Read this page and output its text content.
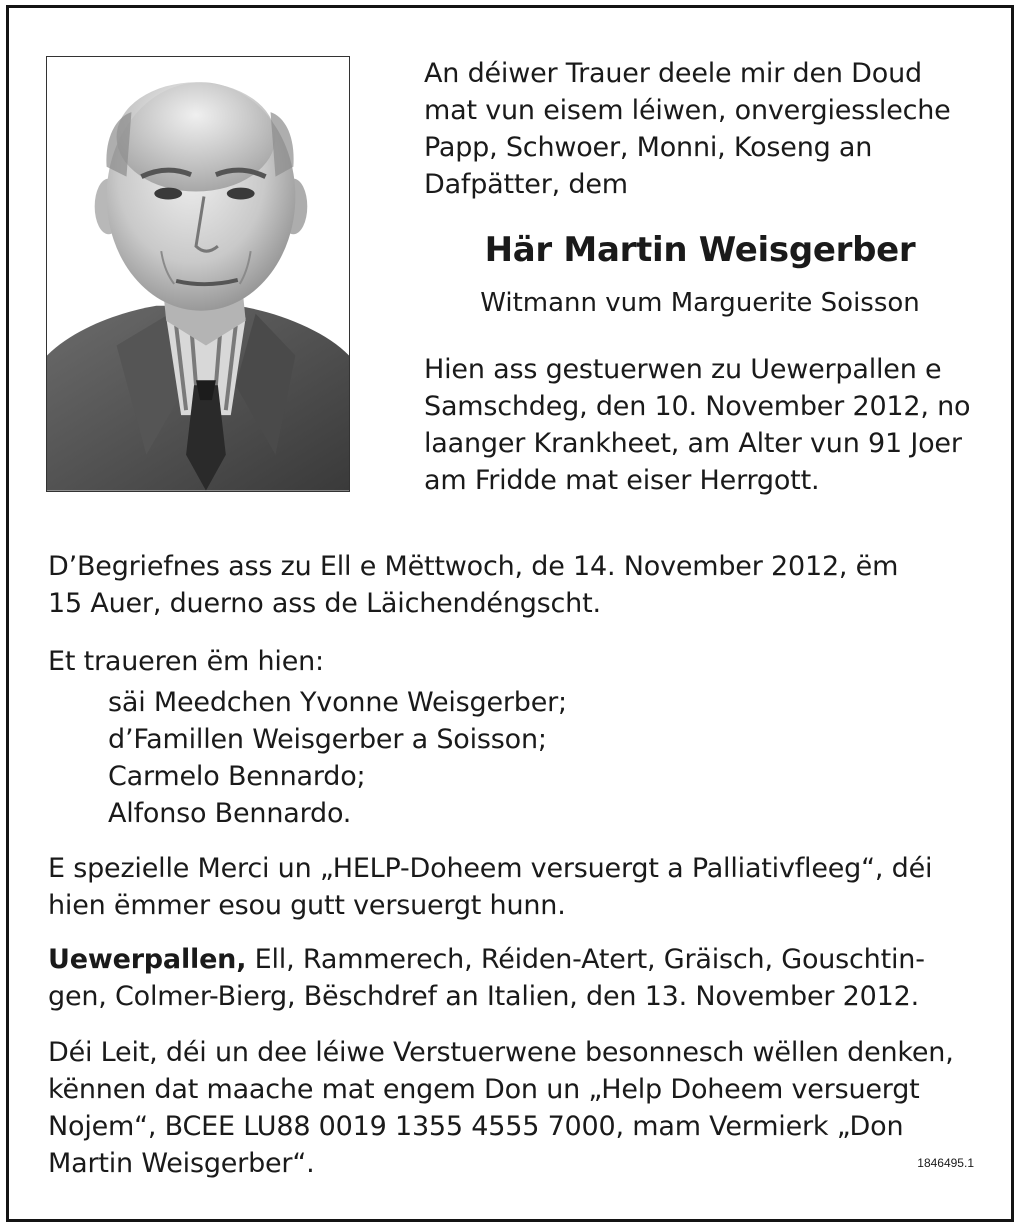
An déiwer Trauer deele mir den Doud
mat vun eisem léiwen, onvergiessleche
Papp, Schwoer, Monni, Koseng an
Dafpätter, dem
Här Martin Weisgerber
Witmann vum Marguerite Soisson
Hien ass gestuerwen zu Uewerpallen e
Samschdeg, den 10. November 2012, no
laanger Krankheet, am Alter vun 91 Joer
am Fridde mat eiser Herrgott.
D’Begriefnes ass zu Ell e Mëttwoch, de 14. November 2012, ëm
15 Auer, duerno ass de Läichendéngscht.
Et traueren ëm hien:
säi Meedchen Yvonne Weisgerber;
d’Famillen Weisgerber a Soisson;
Carmelo Bennardo;
Alfonso Bennardo.
E spezielle Merci un „HELP-Doheem versuergt a Palliativfleeg“, déi
hien ëmmer esou gutt versuergt hunn.
Uewerpallen, Ell, Rammerech, Réiden-Atert, Gräisch, Gouschtin-
gen, Colmer-Bierg, Bëschdref an Italien, den 13. November 2012.
Déi Leit, déi un dee léiwe Verstuerwene besonnesch wëllen denken,
kënnen dat maache mat engem Don un „Help Doheem versuergt
Nojem“, BCEE LU88 0019 1355 4555 7000, mam Vermierk „Don
Martin Weisgerber“.	1846495.1
